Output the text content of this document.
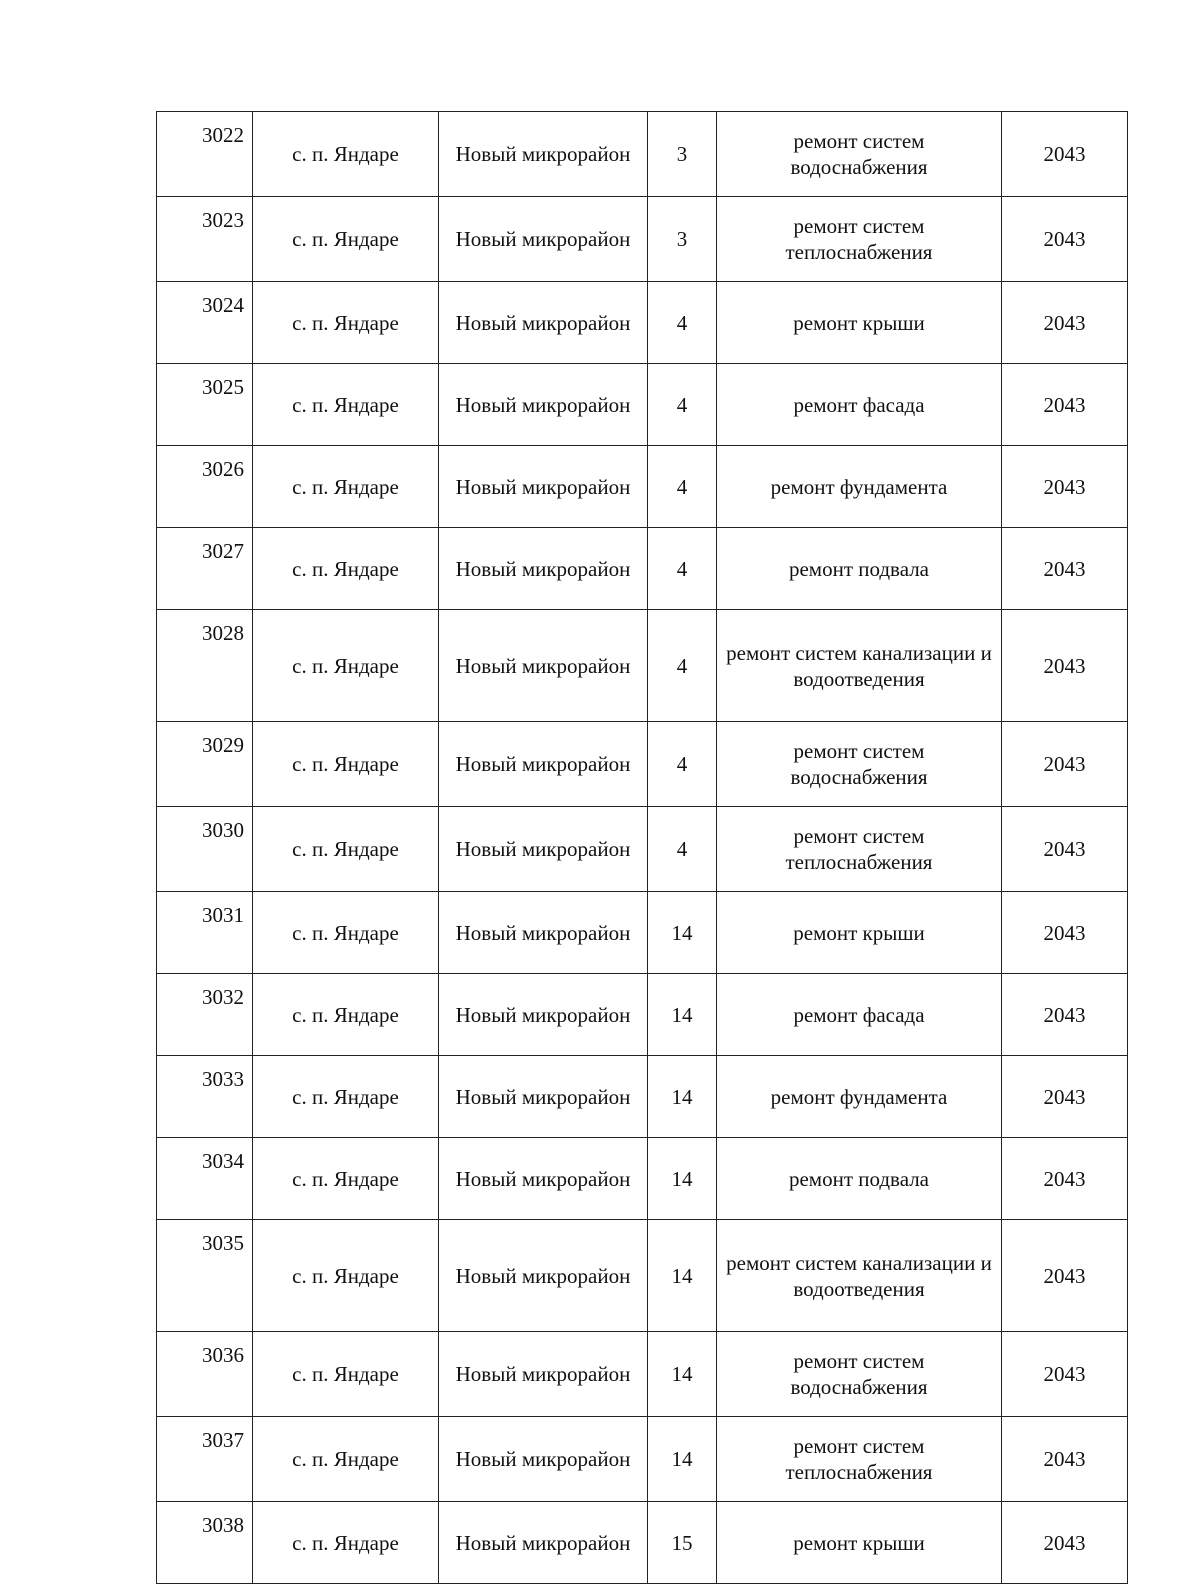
3022	с. п. Яндаре	Новый микрорайон	3	ремонт систем водоснабжения	2043
3023	с. п. Яндаре	Новый микрорайон	3	ремонт систем теплоснабжения	2043
3024	с. п. Яндаре	Новый микрорайон	4	ремонт крыши	2043
3025	с. п. Яндаре	Новый микрорайон	4	ремонт фасада	2043
3026	с. п. Яндаре	Новый микрорайон	4	ремонт фундамента	2043
3027	с. п. Яндаре	Новый микрорайон	4	ремонт подвала	2043
3028	с. п. Яндаре	Новый микрорайон	4	ремонт систем канализации и водоотведения	2043
3029	с. п. Яндаре	Новый микрорайон	4	ремонт систем водоснабжения	2043
3030	с. п. Яндаре	Новый микрорайон	4	ремонт систем теплоснабжения	2043
3031	с. п. Яндаре	Новый микрорайон	14	ремонт крыши	2043
3032	с. п. Яндаре	Новый микрорайон	14	ремонт фасада	2043
3033	с. п. Яндаре	Новый микрорайон	14	ремонт фундамента	2043
3034	с. п. Яндаре	Новый микрорайон	14	ремонт подвала	2043
3035	с. п. Яндаре	Новый микрорайон	14	ремонт систем канализации и водоотведения	2043
3036	с. п. Яндаре	Новый микрорайон	14	ремонт систем водоснабжения	2043
3037	с. п. Яндаре	Новый микрорайон	14	ремонт систем теплоснабжения	2043
3038	с. п. Яндаре	Новый микрорайон	15	ремонт крыши	2043
